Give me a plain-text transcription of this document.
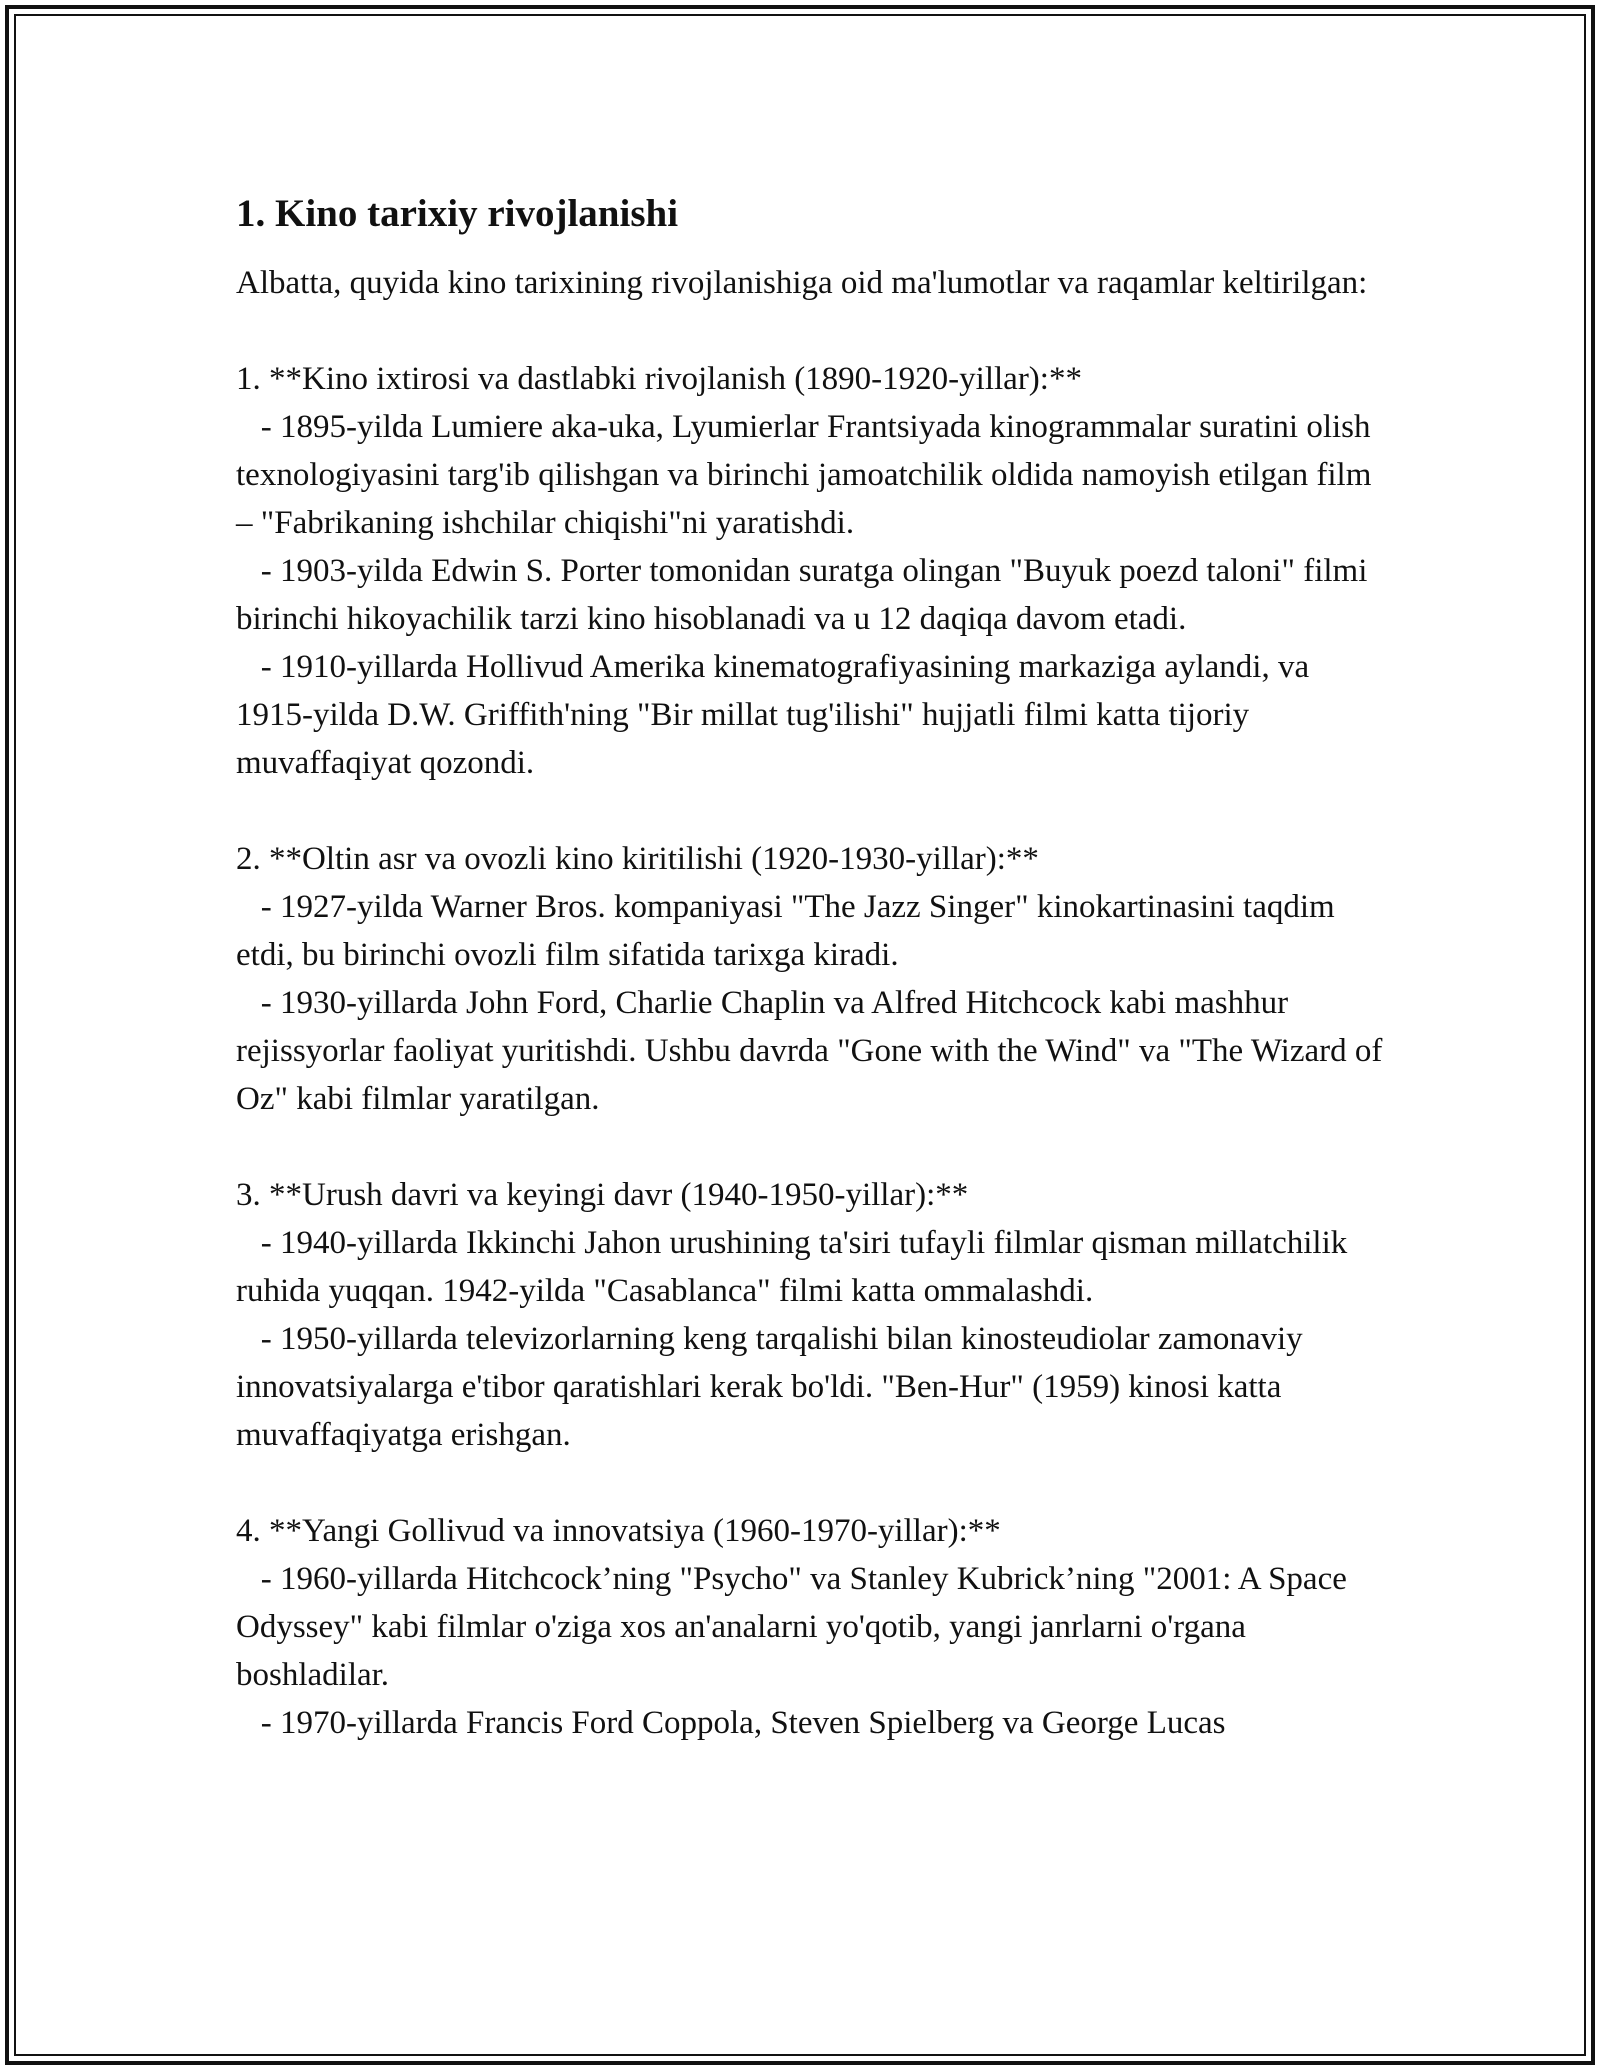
1. Kino tarixiy rivojlanishi

Albatta, quyida kino tarixining rivojlanishiga oid ma'lumotlar va raqamlar keltirilgan:

1. **Kino ixtirosi va dastlabki rivojlanish (1890-1920-yillar):**

- 1895-yilda Lumiere aka-uka, Lyumierlar Frantsiyada kinogrammalar suratini olish texnologiyasini targ'ib qilishgan va birinchi jamoatchilik oldida namoyish etilgan film – "Fabrikaning ishchilar chiqishi"ni yaratishdi.

- 1903-yilda Edwin S. Porter tomonidan suratga olingan "Buyuk poezd taloni" filmi birinchi hikoyachilik tarzi kino hisoblanadi va u 12 daqiqa davom etadi.

- 1910-yillarda Hollivud Amerika kinematografiyasining markaziga aylandi, va 1915-yilda D.W. Griffith'ning "Bir millat tug'ilishi" hujjatli filmi katta tijoriy muvaffaqiyat qozondi.

2. **Oltin asr va ovozli kino kiritilishi (1920-1930-yillar):**

- 1927-yilda Warner Bros. kompaniyasi "The Jazz Singer" kinokartinasini taqdim etdi, bu birinchi ovozli film sifatida tarixga kiradi.

- 1930-yillarda John Ford, Charlie Chaplin va Alfred Hitchcock kabi mashhur rejissyorlar faoliyat yuritishdi. Ushbu davrda "Gone with the Wind" va "The Wizard of Oz" kabi filmlar yaratilgan.

3. **Urush davri va keyingi davr (1940-1950-yillar):**

- 1940-yillarda Ikkinchi Jahon urushining ta'siri tufayli filmlar qisman millatchilik ruhida yuqqan. 1942-yilda "Casablanca" filmi katta ommalashdi.

- 1950-yillarda televizorlarning keng tarqalishi bilan kinosteudiolar zamonaviy innovatsiyalarga e'tibor qaratishlari kerak bo'ldi. "Ben-Hur" (1959) kinosi katta muvaffaqiyatga erishgan.

4. **Yangi Gollivud va innovatsiya (1960-1970-yillar):**

- 1960-yillarda Hitchcock’ning "Psycho" va Stanley Kubrick’ning "2001: A Space Odyssey" kabi filmlar o'ziga xos an'analarni yo'qotib, yangi janrlarni o'rgana boshladilar.

- 1970-yillarda Francis Ford Coppola, Steven Spielberg va George Lucas
